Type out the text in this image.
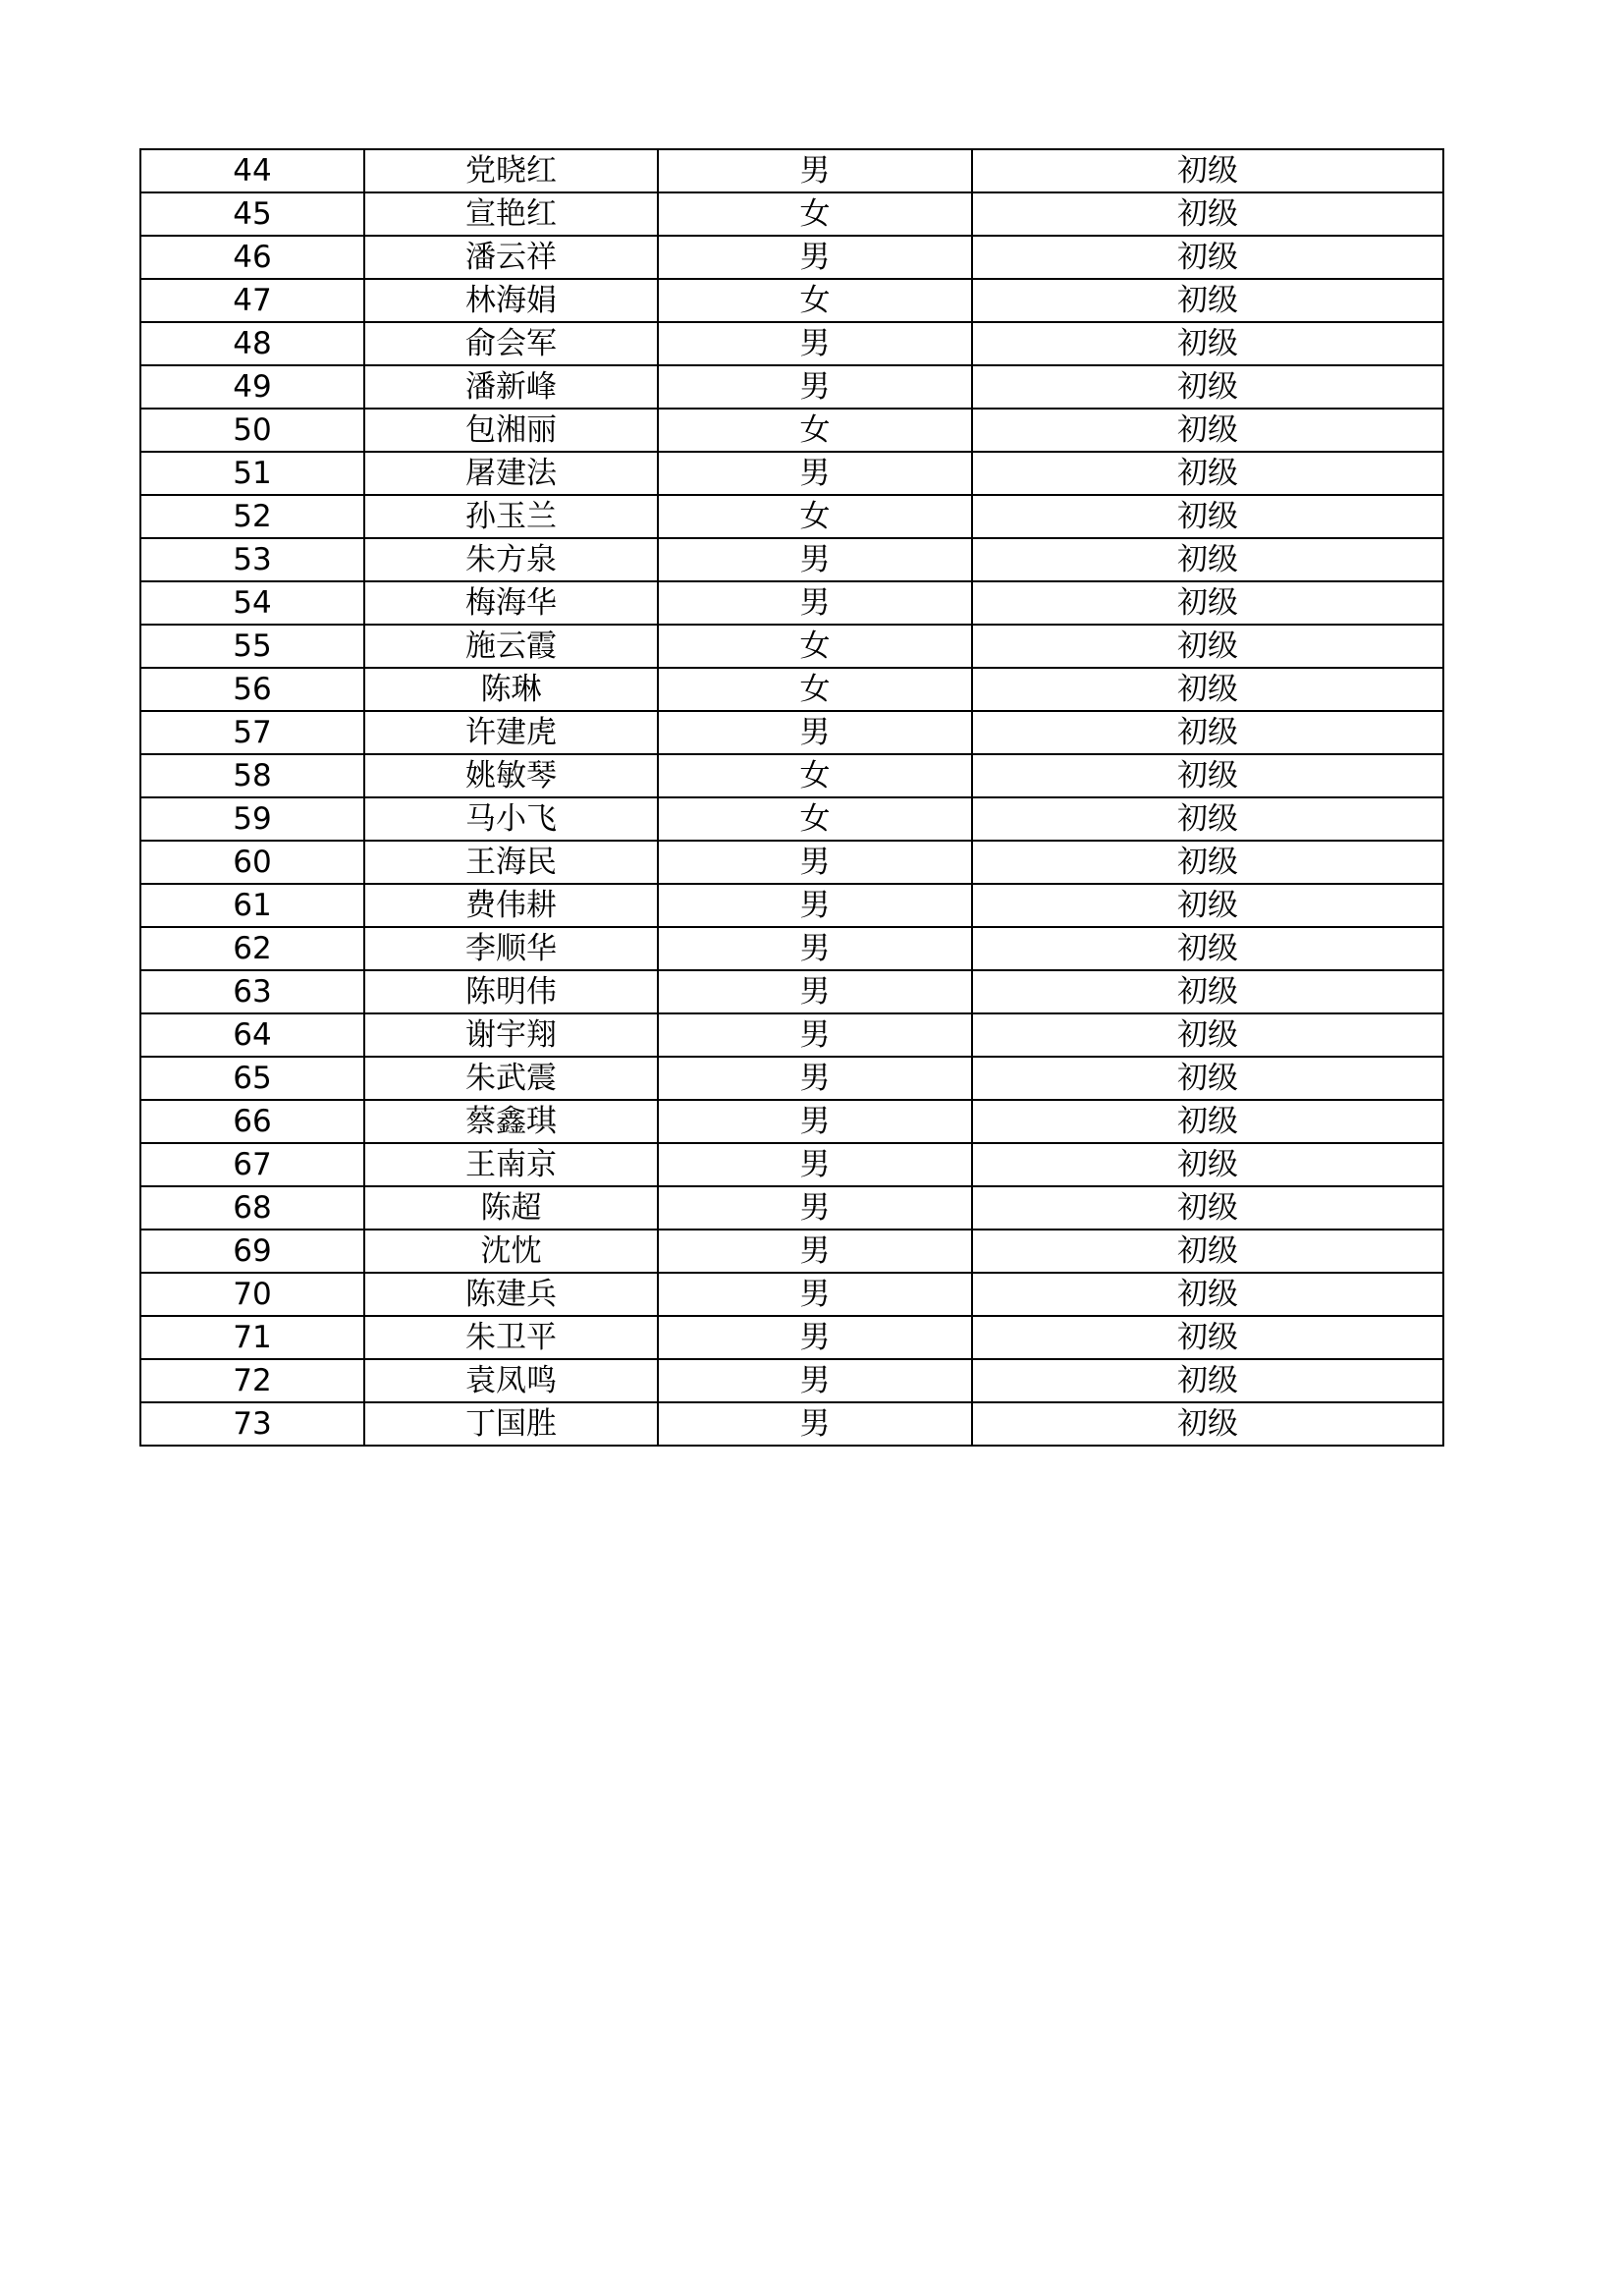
44	党晓红	男	初级
45	宣艳红	女	初级
46	潘云祥	男	初级
47	林海娟	女	初级
48	俞会军	男	初级
49	潘新峰	男	初级
50	包湘丽	女	初级
51	屠建法	男	初级
52	孙玉兰	女	初级
53	朱方泉	男	初级
54	梅海华	男	初级
55	施云霞	女	初级
56	陈琳	女	初级
57	许建虎	男	初级
58	姚敏琴	女	初级
59	马小飞	女	初级
60	王海民	男	初级
61	费伟耕	男	初级
62	李顺华	男	初级
63	陈明伟	男	初级
64	谢宇翔	男	初级
65	朱武震	男	初级
66	蔡鑫琪	男	初级
67	王南京	男	初级
68	陈超	男	初级
69	沈忱	男	初级
70	陈建兵	男	初级
71	朱卫平	男	初级
72	袁凤鸣	男	初级
73	丁国胜	男	初级
